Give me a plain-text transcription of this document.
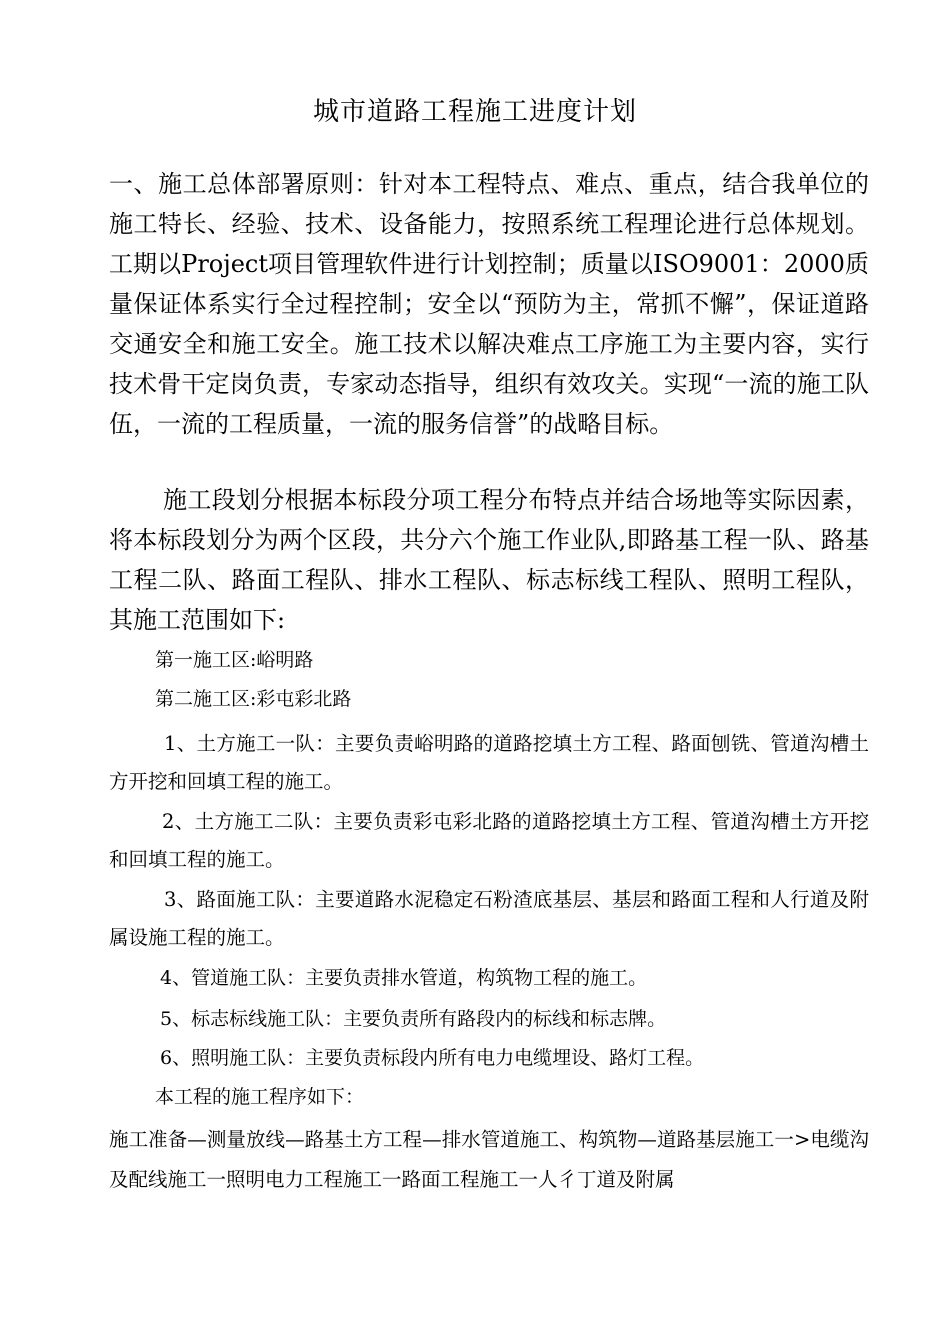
城市道路工程施工进度计划

一、施工总体部署原则：针对本工程特点、难点、重点，结合我单位的施工特长、经验、技术、设备能力，按照系统工程理论进行总体规划。工期以Project项目管理软件进行计划控制；质量以ISO9001：2000质量保证体系实行全过程控制；安全以“预防为主，常抓不懈”，保证道路交通安全和施工安全。施工技术以解决难点工序施工为主要内容，实行技术骨干定岗负责，专家动态指导，组织有效攻关。实现“一流的施工队伍，一流的工程质量，一流的服务信誉”的战略目标。

施工段划分根据本标段分项工程分布特点并结合场地等实际因素，将本标段划分为两个区段，共分六个施工作业队,即路基工程一队、路基工程二队、路面工程队、排水工程队、标志标线工程队、照明工程队，其施工范围如下:

第一施工区:峪明路

第二施工区:彩屯彩北路

1、土方施工一队：主要负责峪明路的道路挖填土方工程、路面刨铣、管道沟槽土方开挖和回填工程的施工。

2、土方施工二队：主要负责彩屯彩北路的道路挖填土方工程、管道沟槽土方开挖和回填工程的施工。

3、路面施工队：主要道路水泥稳定石粉渣底基层、基层和路面工程和人行道及附属设施工程的施工。

4、管道施工队：主要负责排水管道，构筑物工程的施工。

5、标志标线施工队：主要负责所有路段内的标线和标志牌。

6、照明施工队：主要负责标段内所有电力电缆埋设、路灯工程。

本工程的施工程序如下：

施工准备—测量放线—路基土方工程—排水管道施工、构筑物—道路基层施工一>电缆沟及配线施工一照明电力工程施工一路面工程施工一人彳丁道及附属
